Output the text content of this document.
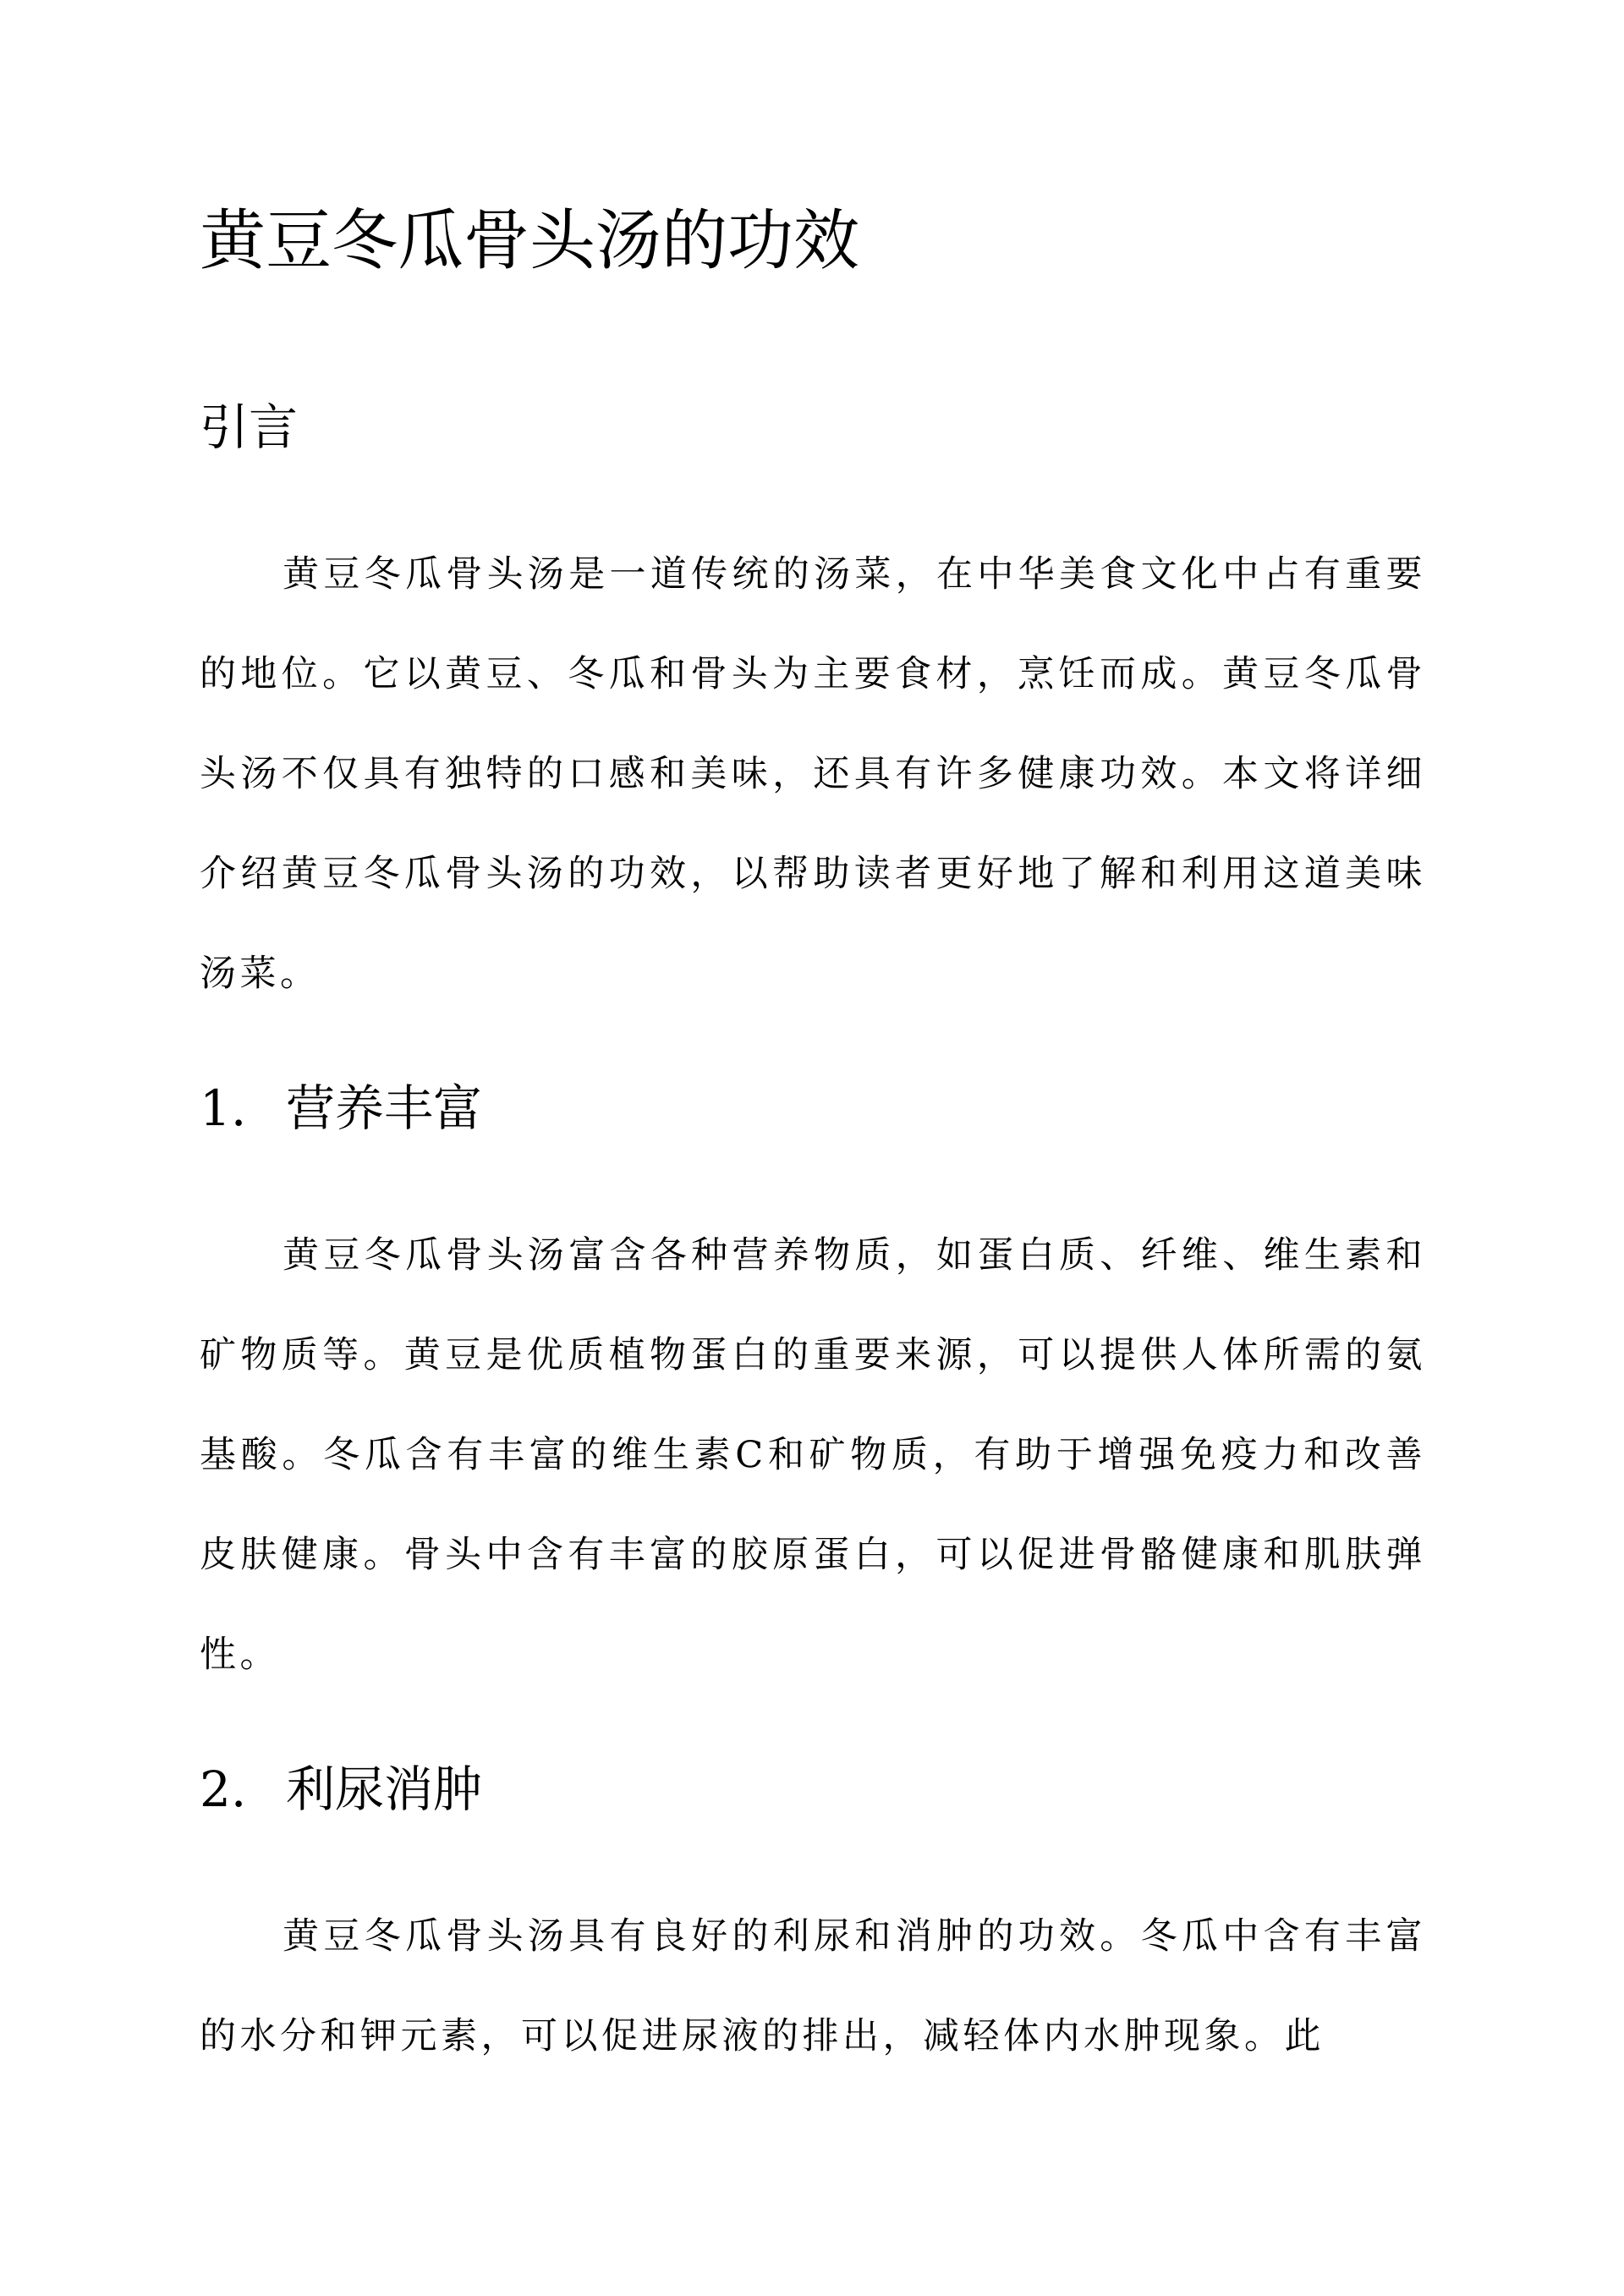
黄豆冬瓜骨头汤的功效
引言

黄豆冬瓜骨头汤是一道传统的汤菜，在中华美食文化中占有重要的地位。它以黄豆、冬瓜和骨头为主要食材，烹饪而成。黄豆冬瓜骨头汤不仅具有独特的口感和美味，还具有许多健康功效。本文将详细介绍黄豆冬瓜骨头汤的功效，以帮助读者更好地了解和利用这道美味汤菜。

1. 营养丰富

黄豆冬瓜骨头汤富含各种营养物质，如蛋白质、纤维、维生素和矿物质等。黄豆是优质植物蛋白的重要来源，可以提供人体所需的氨基酸。冬瓜含有丰富的维生素C和矿物质，有助于增强免疫力和改善皮肤健康。骨头中含有丰富的胶原蛋白，可以促进骨骼健康和肌肤弹性。

2. 利尿消肿

黄豆冬瓜骨头汤具有良好的利尿和消肿的功效。冬瓜中含有丰富的水分和钾元素，可以促进尿液的排出，减轻体内水肿现象。此
